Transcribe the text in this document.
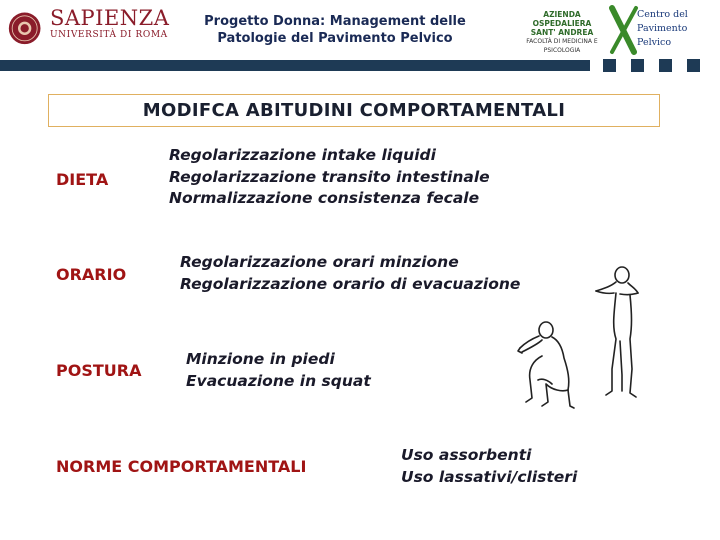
SAPIENZA
UNIVERSITÀ DI ROMA
Progetto Donna: Management delle
Patologie del Pavimento Pelvico
AZIENDA OSPEDALIERA
SANT' ANDREA
FACOLTÀ DI MEDICINA E PSICOLOGIA
Centro del
Pavimento
Pelvico
MODIFCA ABITUDINI COMPORTAMENTALI
DIETA
Regolarizzazione intake liquidi
Regolarizzazione transito intestinale
Normalizzazione consistenza fecale
ORARIO
Regolarizzazione orari minzione
Regolarizzazione orario di evacuazione
POSTURA
Minzione in piedi
Evacuazione in squat
NORME COMPORTAMENTALI
Uso assorbenti
Uso lassativi/clisteri
